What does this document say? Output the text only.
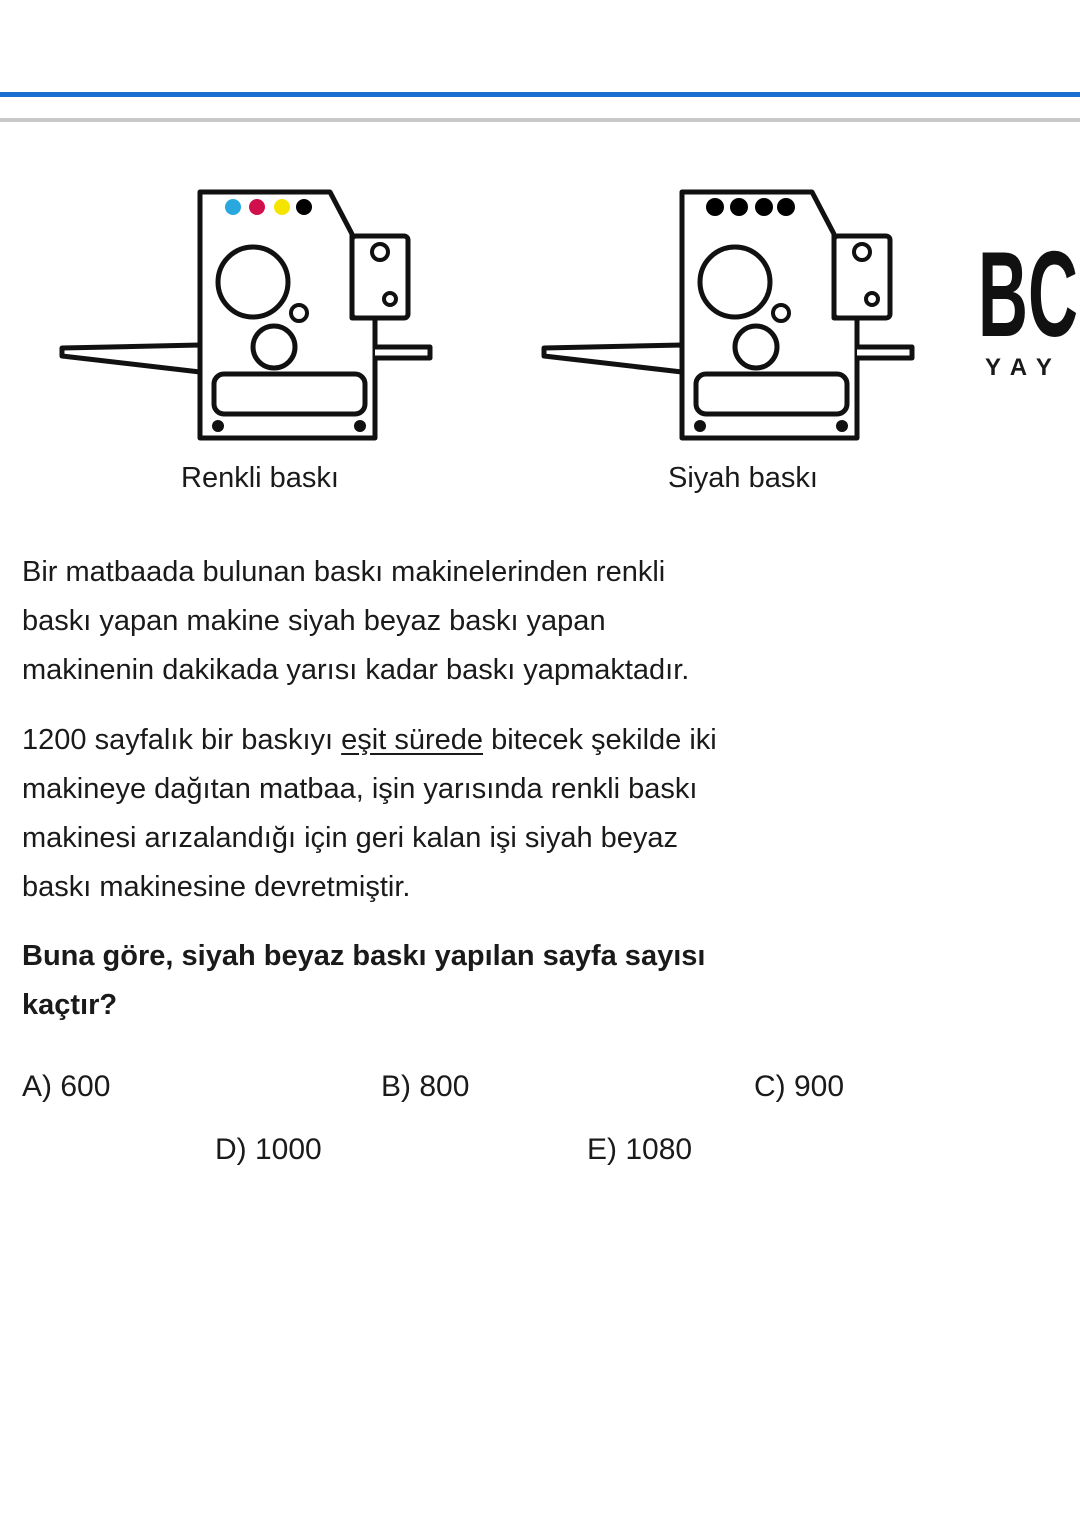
Renkli baskı	Siyah baskı
BC
YAY
Bir matbaada bulunan baskı makinelerinden renkli
baskı yapan makine siyah beyaz baskı yapan
makinenin dakikada yarısı kadar baskı yapmaktadır.
1200 sayfalık bir baskıyı eşit sürede bitecek şekilde iki
makineye dağıtan matbaa, işin yarısında renkli baskı
makinesi arızalandığı için geri kalan işi siyah beyaz
baskı makinesine devretmiştir.
Buna göre, siyah beyaz baskı yapılan sayfa sayısı
kaçtır?
A) 600	B) 800	C) 900
D) 1000	E) 1080
